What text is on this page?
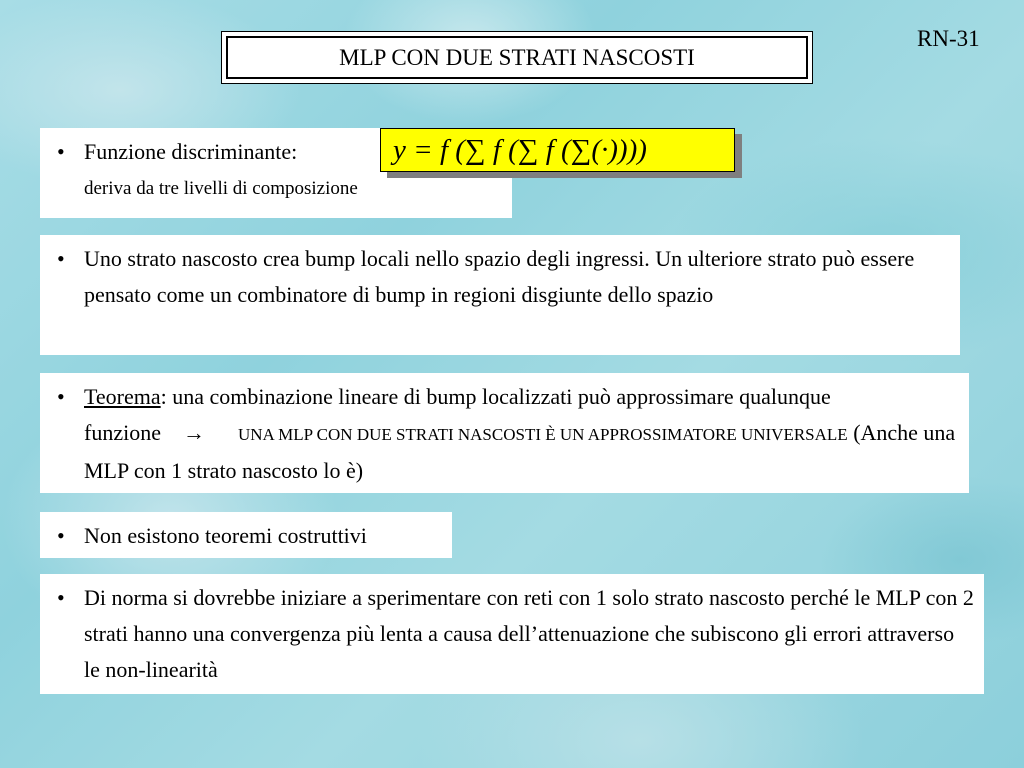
MLP CON DUE STRATI NASCOSTI
RN-31
• Funzione discriminante:
deriva da tre livelli di composizione
y = f (∑ f (∑ f (∑(·))))
• Uno strato nascosto crea bump locali nello spazio degli ingressi. Un ulteriore strato può essere pensato come un combinatore di bump in regioni disgiunte dello spazio
• Teorema: una combinazione lineare di bump localizzati può approssimare qualunque funzione → UNA MLP CON DUE STRATI NASCOSTI È UN APPROSSIMATORE UNIVERSALE (Anche una MLP con 1 strato nascosto lo è)
• Non esistono teoremi costruttivi
• Di norma si dovrebbe iniziare a sperimentare con reti con 1 solo strato nascosto perché le MLP con 2 strati hanno una convergenza più lenta a causa dell’attenuazione che subiscono gli errori attraverso le non-linearità
